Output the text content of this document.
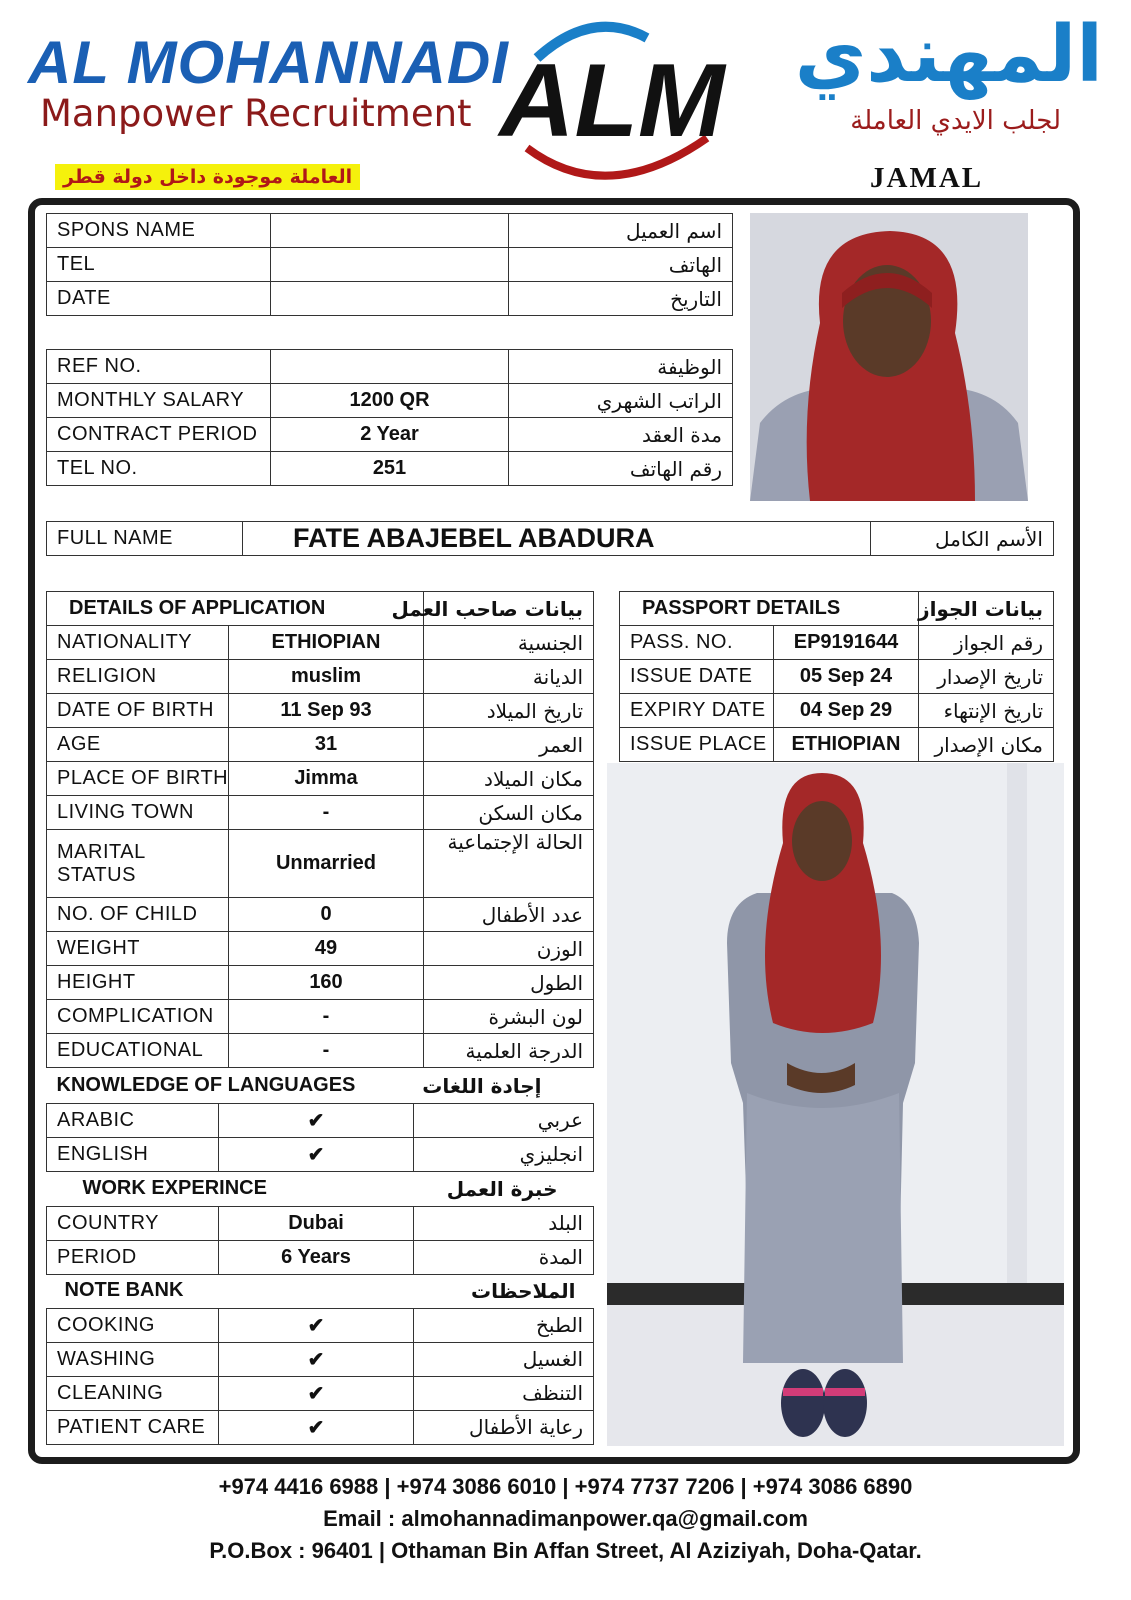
AL MOHANNADI
Manpower Recruitment ALM المهندي
لجلب الايدي العاملة
العاملة موجودة داخل دولة قطر	JAMAL
SPONS NAME		اسم العميل
TEL		الهاتف
DATE		التاريخ
REF NO.		الوظيفة
MONTHLY SALARY	1200 QR	الراتب الشهري
CONTRACT PERIOD	2 Year	مدة العقد
TEL NO.	251	رقم الهاتف
FULL NAME	FATE ABAJEBEL ABADURA	الأسم الكامل
DETAILS OF APPLICATION		بيانات صاحب العمل
NATIONALITY	ETHIOPIAN	الجنسية
RELIGION	muslim	الديانة
DATE OF BIRTH	11 Sep 93	تاريخ الميلاد
AGE	31	العمر
PLACE OF BIRTH	Jimma	مكان الميلاد
LIVING TOWN	-	مكان السكن
MARITAL STATUS	Unmarried	الحالة الإجتماعية
NO. OF CHILD	0	عدد الأطفال
WEIGHT	49	الوزن
HEIGHT	160	الطول
COMPLICATION	-	لون البشرة
EDUCATIONAL	-	الدرجة العلمية
KNOWLEDGE OF LANGUAGES		إجادة اللغات
ARABIC	✔	عربي
ENGLISH	✔	انجليزي
WORK EXPERINCE		خبرة العمل
COUNTRY	Dubai	البلد
PERIOD	6 Years	المدة
NOTE BANK		الملاحظات
COOKING	✔	الطبخ
WASHING	✔	الغسيل
CLEANING	✔	التنظف
PATIENT CARE	✔	رعاية الأطفال
PASSPORT DETAILS		بيانات الجواز
PASS. NO.	EP9191644	رقم الجواز
ISSUE DATE	05 Sep 24	تاريخ الإصدار
EXPIRY DATE	04 Sep 29	تاريخ الإنتهاء
ISSUE PLACE	ETHIOPIAN	مكان الإصدار
+974 4416 6988 | +974 3086 6010 | +974 7737 7206 | +974 3086 6890
Email : almohannadimanpower.qa@gmail.com
P.O.Box : 96401 | Othaman Bin Affan Street, Al Aziziyah, Doha-Qatar.
